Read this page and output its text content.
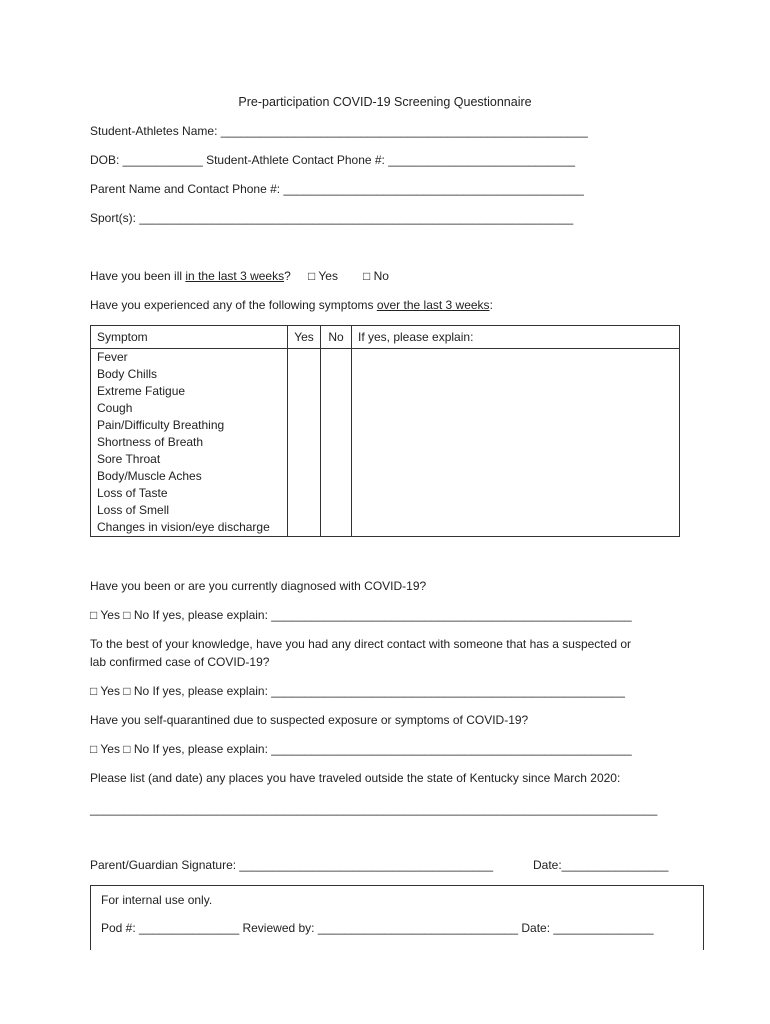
Pre-participation COVID-19 Screening Questionnaire
Student-Athletes Name: _______________________________________________________
DOB: ____________ Student-Athlete Contact Phone #: ____________________________
Parent Name and Contact Phone #: _____________________________________________
Sport(s): _________________________________________________________________
Have you been ill in the last 3 weeks? □ Yes □ No
Have you experienced any of the following symptoms over the last 3 weeks:
Symptom	Yes	No	If yes, please explain:
Fever			
Body Chills			
Extreme Fatigue			
Cough			
Pain/Difficulty Breathing			
Shortness of Breath			
Sore Throat			
Body/Muscle Aches			
Loss of Taste			
Loss of Smell			
Changes in vision/eye discharge			
Have you been or are you currently diagnosed with COVID-19?
□ Yes □ No If yes, please explain: ______________________________________________________
To the best of your knowledge, have you had any direct contact with someone that has a suspected or
lab confirmed case of COVID-19?
□ Yes □ No If yes, please explain: _____________________________________________________
Have you self-quarantined due to suspected exposure or symptoms of COVID-19?
□ Yes □ No If yes, please explain: ______________________________________________________
Please list (and date) any places you have traveled outside the state of Kentucky since March 2020:
_____________________________________________________________________________________
Parent/Guardian Signature: ______________________________________	Date:________________
For internal use only.
Pod #: _______________ Reviewed by: ______________________________ Date: _______________
